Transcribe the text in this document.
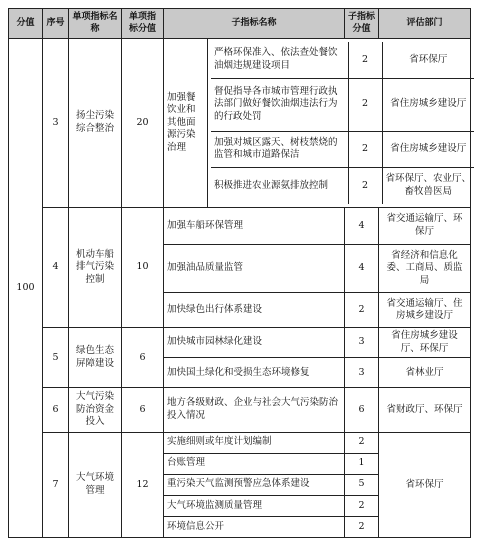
分值	序号	单项指标名称	单项指标分值	子指标名称	子指标分值	评估部门
100	3	扬尘污染综合整治	20	加强餐饮业和其他面源污染治理	
严格环保准入、依法查处餐饮油烟违规建设项目	2	省环保厅
督促指导各市城市管理行政执法部门做好餐饮油烟违法行为的行政处罚	2	省住房城乡建设厅
加强对城区露天、树枝禁烧的监管和城市道路保洁	2	省住房城乡建设厅
积极推进农业源氨排放控制	2	省环保厅、农业厅、畜牧兽医局

4	机动车船排气污染控制	10	加强车船环保管理	4	省交通运输厅、环保厅
加强油品质量监管	4	省经济和信息化委、工商局、质监局
加快绿色出行体系建设	2	省交通运输厅、住房城乡建设厅
5	绿色生态屏障建设	6	加快城市园林绿化建设	3	省住房城乡建设厅、环保厅
加快国土绿化和受损生态环境修复	3	省林业厅
6	大气污染防治资金投入	6	地方各级财政、企业与社会大气污染防治投入情况	6	省财政厅、环保厅
7	大气环境管理	12	实施细则或年度计划编制	2	省环保厅
台账管理	1
重污染天气监测预警应急体系建设	5
大气环境监测质量管理	2
环境信息公开	2
